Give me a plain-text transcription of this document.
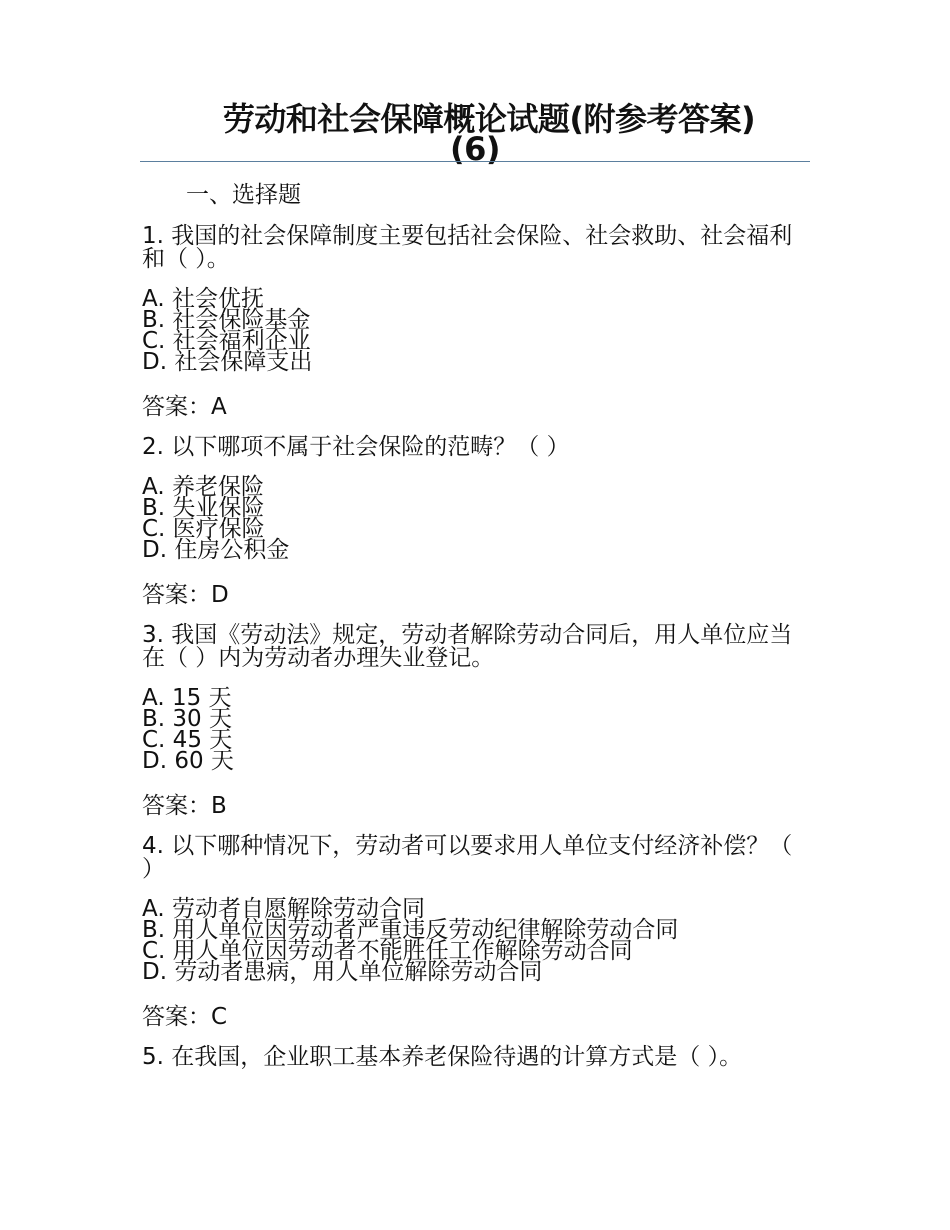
劳动和社会保障概论试题(附参考答案)
(6)
一、选择题

1. 我国的社会保障制度主要包括社会保险、社会救助、社会福利和（ ）。

A. 社会优抚
B. 社会保险基金
C. 社会福利企业
D. 社会保障支出
答案：A

2. 以下哪项不属于社会保险的范畴？（ ）

A. 养老保险
B. 失业保险
C. 医疗保险
D. 住房公积金
答案：D

3. 我国《劳动法》规定，劳动者解除劳动合同后，用人单位应当在（ ）内为劳动者办理失业登记。

A. 15 天
B. 30 天
C. 45 天
D. 60 天
答案：B

4. 以下哪种情况下，劳动者可以要求用人单位支付经济补偿？（ ）

A. 劳动者自愿解除劳动合同
B. 用人单位因劳动者严重违反劳动纪律解除劳动合同
C. 用人单位因劳动者不能胜任工作解除劳动合同
D. 劳动者患病，用人单位解除劳动合同
答案：C

5. 在我国，企业职工基本养老保险待遇的计算方式是（ ）。
